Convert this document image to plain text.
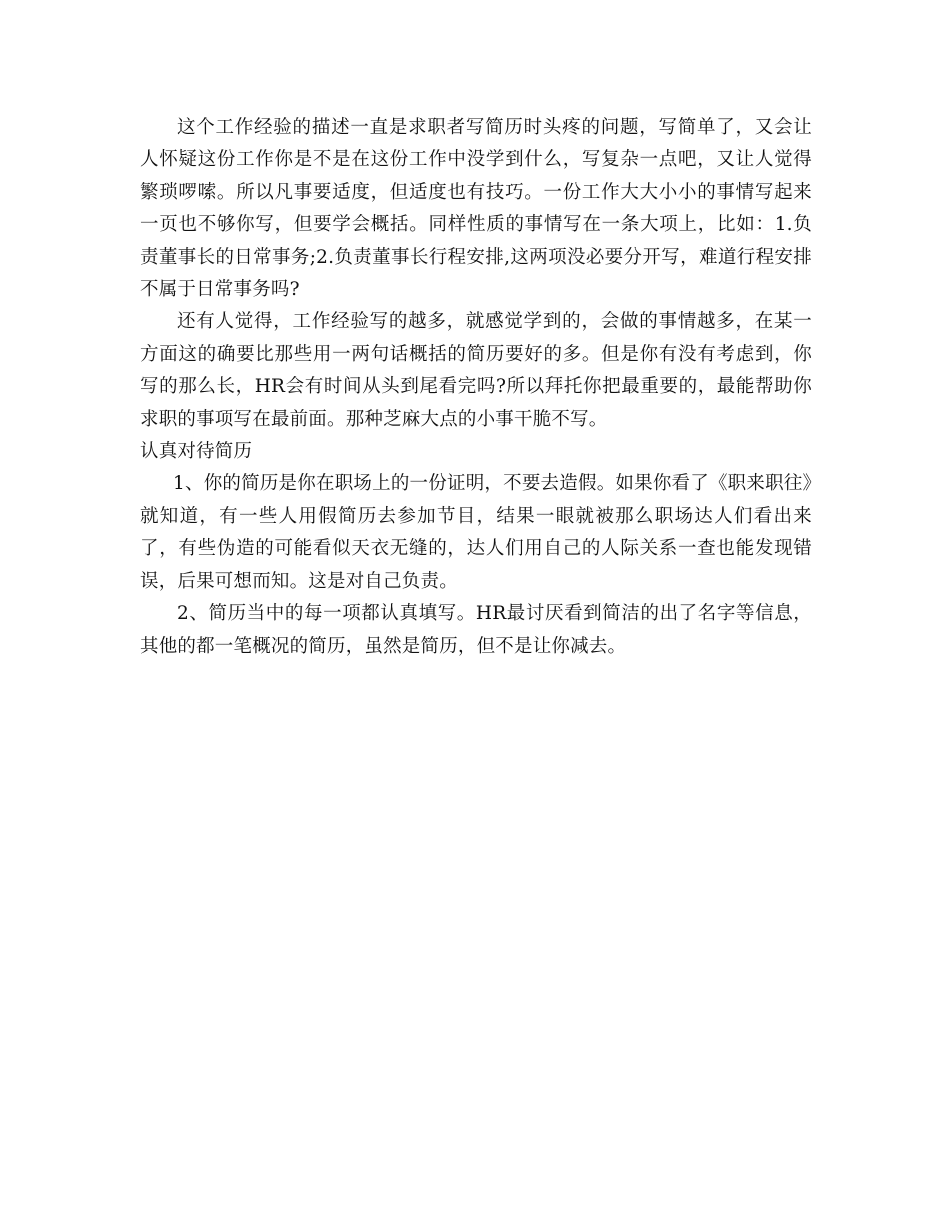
这个工作经验的描述一直是求职者写简历时头疼的问题，写简单了，又会让人怀疑这份工作你是不是在这份工作中没学到什么，写复杂一点吧，又让人觉得繁琐啰嗦。所以凡事要适度，但适度也有技巧。一份工作大大小小的事情写起来一页也不够你写，但要学会概括。同样性质的事情写在一条大项上，比如：1.负责董事长的日常事务;2.负责董事长行程安排,这两项没必要分开写，难道行程安排不属于日常事务吗?

还有人觉得，工作经验写的越多，就感觉学到的，会做的事情越多，在某一方面这的确要比那些用一两句话概括的简历要好的多。但是你有没有考虑到，你写的那么长，HR会有时间从头到尾看完吗?所以拜托你把最重要的，最能帮助你求职的事项写在最前面。那种芝麻大点的小事干脆不写。

认真对待简历

1、你的简历是你在职场上的一份证明，不要去造假。如果你看了《职来职往》就知道，有一些人用假简历去参加节目，结果一眼就被那么职场达人们看出来了，有些伪造的可能看似天衣无缝的，达人们用自己的人际关系一查也能发现错误，后果可想而知。这是对自己负责。

2、简历当中的每一项都认真填写。HR最讨厌看到简洁的出了名字等信息，其他的都一笔概况的简历，虽然是简历，但不是让你减去。
